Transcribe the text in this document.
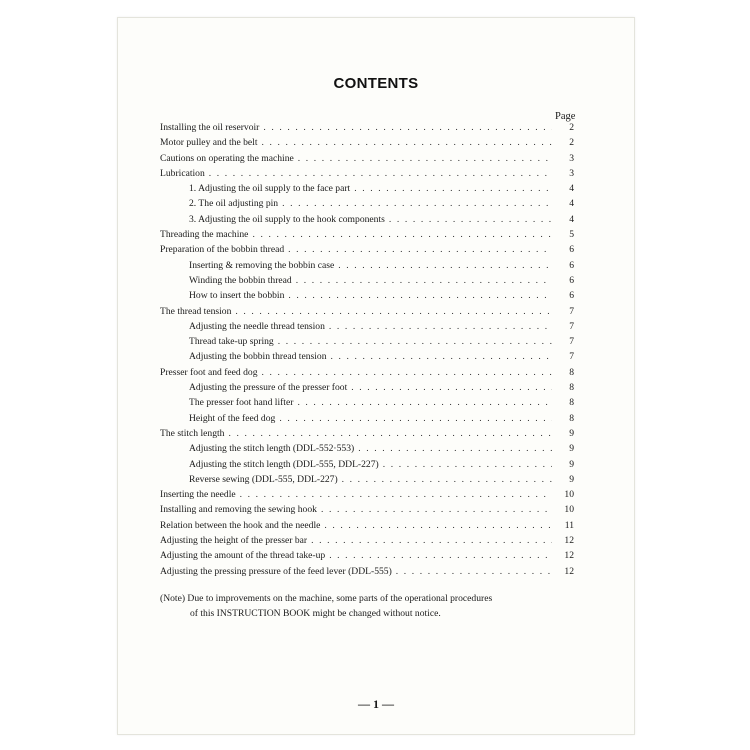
CONTENTS
Page
Installing the oil reservoir . . .	2
Motor pulley and the belt . . .	2
Cautions on operating the machine . . .	3
Lubrication . . .	3
1. Adjusting the oil supply to the face part . . .	4
2. The oil adjusting pin . . .	4
3. Adjusting the oil supply to the hook components . . .	4
Threading the machine . . .	5
Preparation of the bobbin thread . . .	6
Inserting & removing the bobbin case . . .	6
Winding the bobbin thread . . .	6
How to insert the bobbin . . .	6
The thread tension . . .	7
Adjusting the needle thread tension . . .	7
Thread take-up spring . . .	7
Adjusting the bobbin thread tension . . .	7
Presser foot and feed dog . . .	8
Adjusting the pressure of the presser foot . . .	8
The presser foot hand lifter . . .	8
Height of the feed dog . . .	8
The stitch length . . .	9
Adjusting the stitch length (DDL-552·553) . . .	9
Adjusting the stitch length (DDL-555, DDL-227) . . .	9
Reverse sewing (DDL-555, DDL-227) . . .	9
Inserting the needle . . .	10
Installing and removing the sewing hook . . .	10
Relation between the hook and the needle . . .	11
Adjusting the height of the presser bar . . .	12
Adjusting the amount of the thread take-up . . .	12
Adjusting the pressing pressure of the feed lever (DDL-555) . . .	12
(Note) Due to improvements on the machine, some parts of the operational procedures
of this INSTRUCTION BOOK might be changed without notice.
— 1 —
